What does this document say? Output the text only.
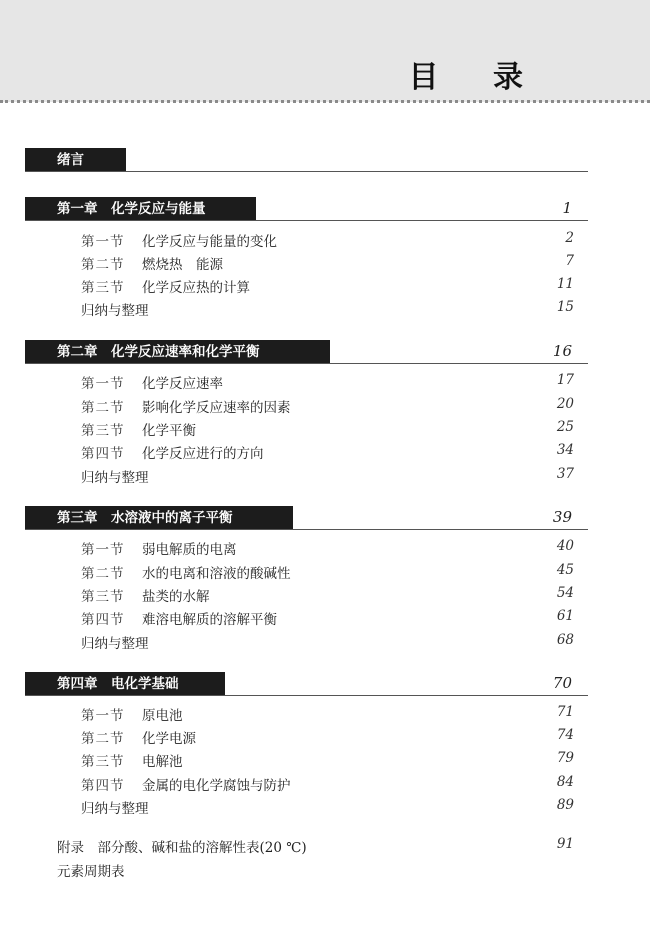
目 录
绪言
第一章　化学反应与能量	1
第一节 化学反应与能量的变化	2
第二节 燃烧热　能源	7
第三节 化学反应热的计算	11
归纳与整理	15
第二章　化学反应速率和化学平衡	16
第一节 化学反应速率	17
第二节 影响化学反应速率的因素	20
第三节 化学平衡	25
第四节 化学反应进行的方向	34
归纳与整理	37
第三章　水溶液中的离子平衡	39
第一节 弱电解质的电离	40
第二节 水的电离和溶液的酸碱性	45
第三节 盐类的水解	54
第四节 难溶电解质的溶解平衡	61
归纳与整理	68
第四章　电化学基础	70
第一节 原电池	71
第二节 化学电源	74
第三节 电解池	79
第四节 金属的电化学腐蚀与防护	84
归纳与整理	89
附录　部分酸、碱和盐的溶解性表(20 ℃)	91
元素周期表
